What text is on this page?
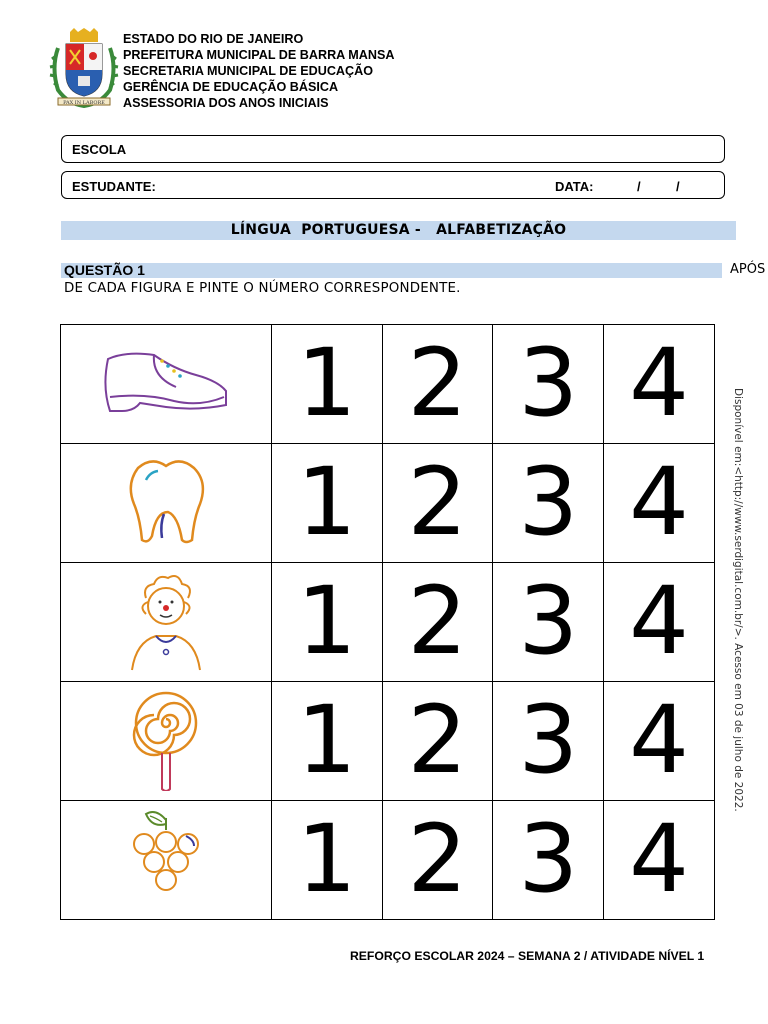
PAX IN LABORE
ESTADO DO RIO DE JANEIRO
PREFEITURA MUNICIPAL DE BARRA MANSA
SECRETARIA MUNICIPAL DE EDUCAÇÃO
GERÊNCIA DE EDUCAÇÃO BÁSICA
ASSESSORIA DOS ANOS INICIAIS
ESCOLA
ESTUDANTE:	DATA:	/	/
LÍNGUA  PORTUGUESA -   ALFABETIZAÇÃO
QUESTÃO 1	APÓS
DE CADA FIGURA E PINTE O NÚMERO CORRESPONDENTE.
	1	2	3	4
	1	2	3	4
	1	2	3	4
	1	2	3	4
	1	2	3	4
Disponível em:<http://www.serdigital.com.br/>. Acesso em 03 de julho de 2022.
REFORÇO ESCOLAR 2024 – SEMANA 2 / ATIVIDADE NÍVEL 1
